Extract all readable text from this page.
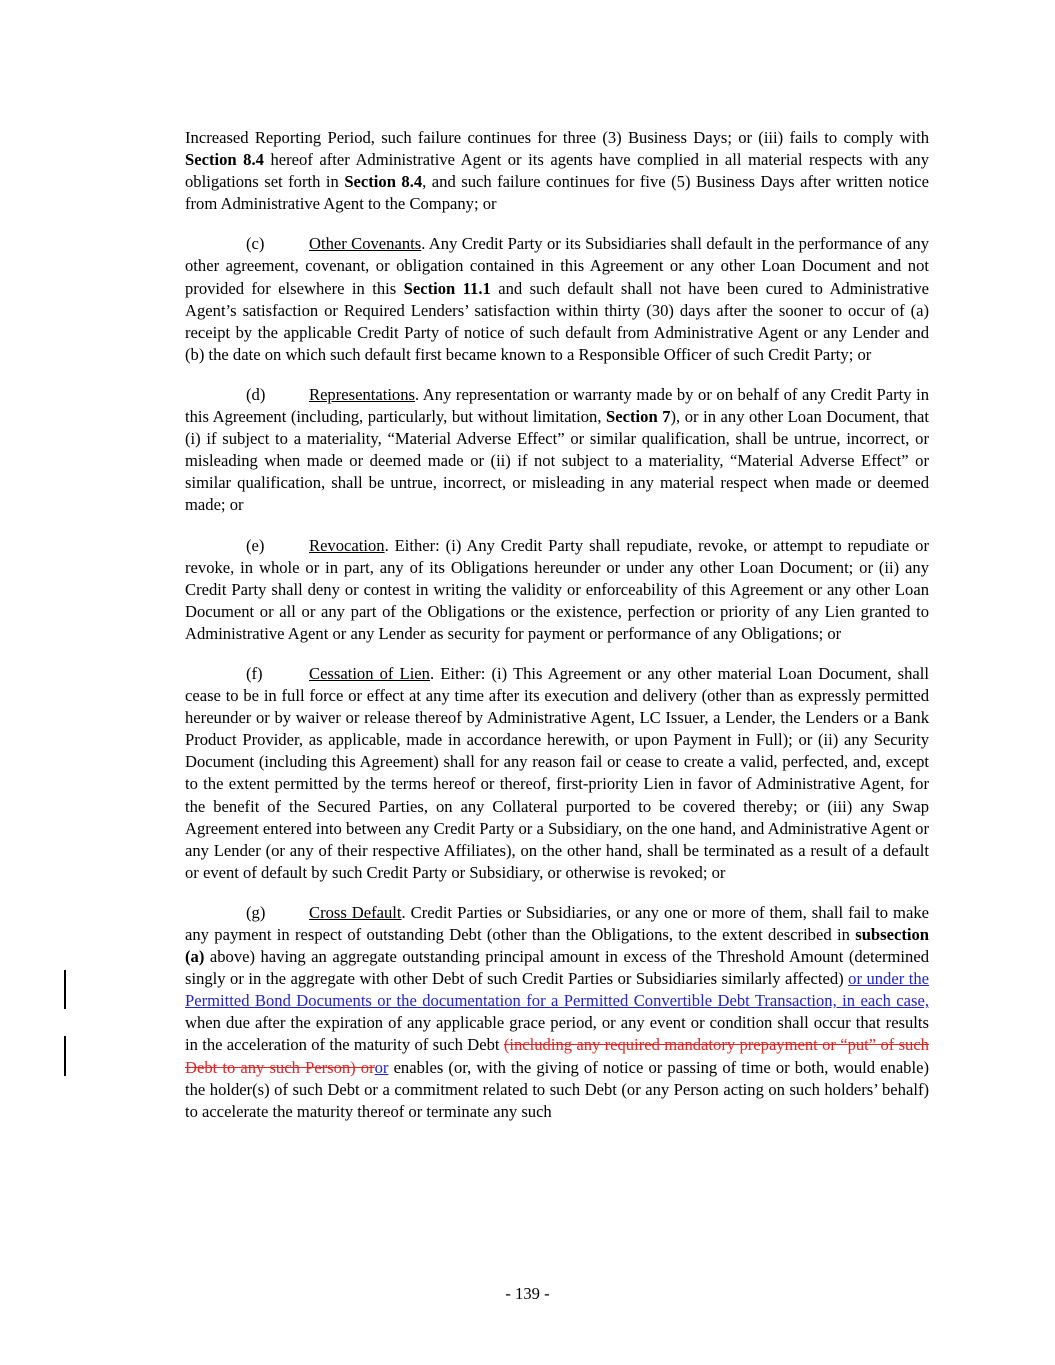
Increased Reporting Period, such failure continues for three (3) Business Days; or (iii) fails to comply with Section 8.4 hereof after Administrative Agent or its agents have complied in all material respects with any obligations set forth in Section 8.4, and such failure continues for five (5) Business Days after written notice from Administrative Agent to the Company; or

(c)	Other Covenants. Any Credit Party or its Subsidiaries shall default in the performance of any other agreement, covenant, or obligation contained in this Agreement or any other Loan Document and not provided for elsewhere in this Section 11.1 and such default shall not have been cured to Administrative Agent’s satisfaction or Required Lenders’ satisfaction within thirty (30) days after the sooner to occur of (a) receipt by the applicable Credit Party of notice of such default from Administrative Agent or any Lender and (b) the date on which such default first became known to a Responsible Officer of such Credit Party; or

(d)	Representations. Any representation or warranty made by or on behalf of any Credit Party in this Agreement (including, particularly, but without limitation, Section 7), or in any other Loan Document, that (i) if subject to a materiality, “Material Adverse Effect” or similar qualification, shall be untrue, incorrect, or misleading when made or deemed made or (ii) if not subject to a materiality, “Material Adverse Effect” or similar qualification, shall be untrue, incorrect, or misleading in any material respect when made or deemed made; or

(e)	Revocation. Either: (i) Any Credit Party shall repudiate, revoke, or attempt to repudiate or revoke, in whole or in part, any of its Obligations hereunder or under any other Loan Document; or (ii) any Credit Party shall deny or contest in writing the validity or enforceability of this Agreement or any other Loan Document or all or any part of the Obligations or the existence, perfection or priority of any Lien granted to Administrative Agent or any Lender as security for payment or performance of any Obligations; or

(f)	Cessation of Lien. Either: (i) This Agreement or any other material Loan Document, shall cease to be in full force or effect at any time after its execution and delivery (other than as expressly permitted hereunder or by waiver or release thereof by Administrative Agent, LC Issuer, a Lender, the Lenders or a Bank Product Provider, as applicable, made in accordance herewith, or upon Payment in Full); or (ii) any Security Document (including this Agreement) shall for any reason fail or cease to create a valid, perfected, and, except to the extent permitted by the terms hereof or thereof, first-priority Lien in favor of Administrative Agent, for the benefit of the Secured Parties, on any Collateral purported to be covered thereby; or (iii) any Swap Agreement entered into between any Credit Party or a Subsidiary, on the one hand, and Administrative Agent or any Lender (or any of their respective Affiliates), on the other hand, shall be terminated as a result of a default or event of default by such Credit Party or Subsidiary, or otherwise is revoked; or

(g)	Cross Default. Credit Parties or Subsidiaries, or any one or more of them, shall fail to make any payment in respect of outstanding Debt (other than the Obligations, to the extent described in subsection (a) above) having an aggregate outstanding principal amount in excess of the Threshold Amount (determined singly or in the aggregate with other Debt of such Credit Parties or Subsidiaries similarly affected) or under the Permitted Bond Documents or the documentation for a Permitted Convertible Debt Transaction, in each case, when due after the expiration of any applicable grace period, or any event or condition shall occur that results in the acceleration of the maturity of such Debt (including any required mandatory prepayment or “put” of such Debt to any such Person) oror enables (or, with the giving of notice or passing of time or both, would enable) the holder(s) of such Debt or a commitment related to such Debt (or any Person acting on such holders’ behalf) to accelerate the maturity thereof or terminate any such

- 139 -
